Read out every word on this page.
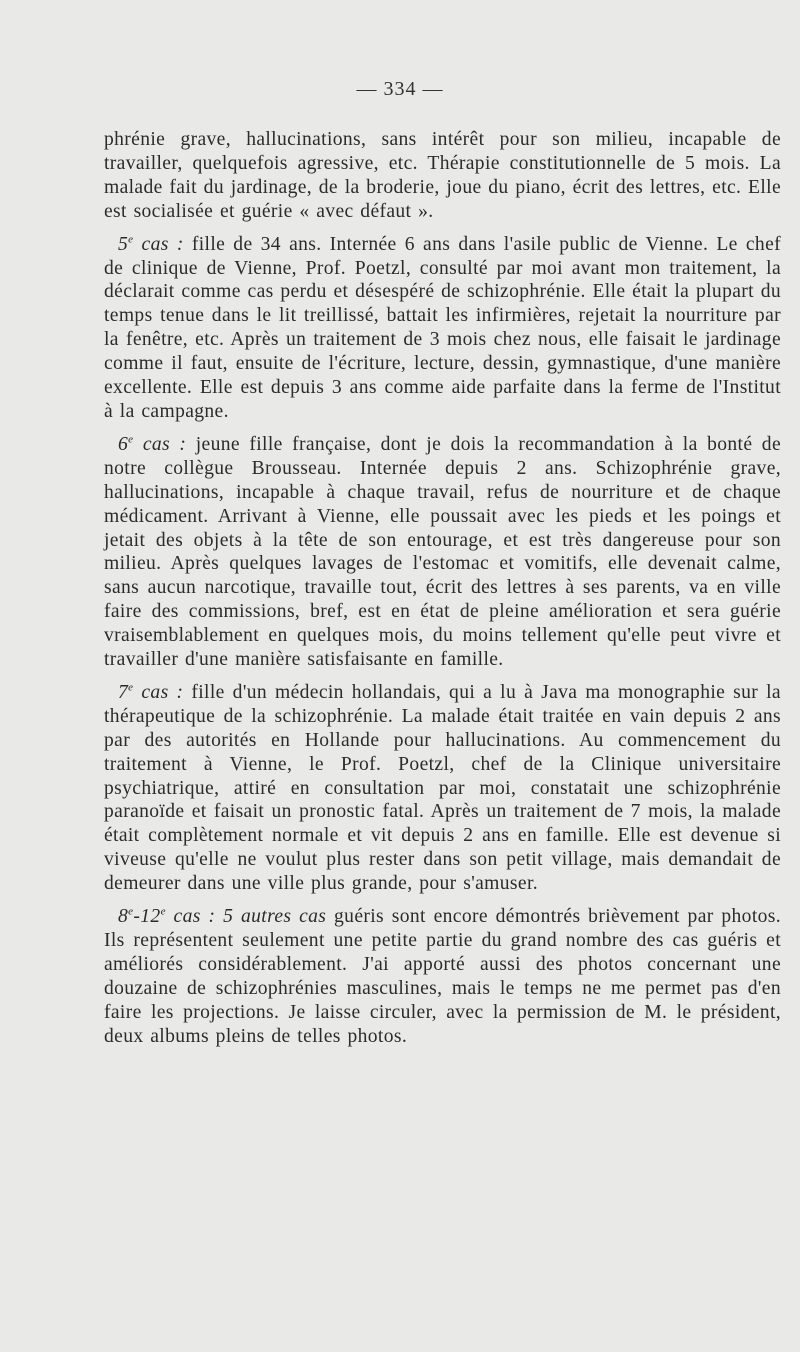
— 334 —

phrénie grave, hallucinations, sans intérêt pour son milieu, incapable de travailler, quelquefois agressive, etc. Thérapie constitutionnelle de 5 mois. La malade fait du jardinage, de la broderie, joue du piano, écrit des lettres, etc. Elle est socialisée et guérie « avec défaut ».

5e cas : fille de 34 ans. Internée 6 ans dans l'asile public de Vienne. Le chef de clinique de Vienne, Prof. Poetzl, consulté par moi avant mon traitement, la déclarait comme cas perdu et désespéré de schizophrénie. Elle était la plupart du temps tenue dans le lit treillissé, battait les infirmières, rejetait la nourriture par la fenêtre, etc. Après un traitement de 3 mois chez nous, elle faisait le jardinage comme il faut, ensuite de l'écriture, lecture, dessin, gymnastique, d'une manière excellente. Elle est depuis 3 ans comme aide parfaite dans la ferme de l'Institut à la campagne.

6e cas : jeune fille française, dont je dois la recommandation à la bonté de notre collègue Brousseau. Internée depuis 2 ans. Schizophrénie grave, hallucinations, incapable à chaque travail, refus de nourriture et de chaque médicament. Arrivant à Vienne, elle poussait avec les pieds et les poings et jetait des objets à la tête de son entourage, et est très dangereuse pour son milieu. Après quelques lavages de l'estomac et vomitifs, elle devenait calme, sans aucun narcotique, travaille tout, écrit des lettres à ses parents, va en ville faire des commissions, bref, est en état de pleine amélioration et sera guérie vraisemblablement en quelques mois, du moins tellement qu'elle peut vivre et travailler d'une manière satisfaisante en famille.

7e cas : fille d'un médecin hollandais, qui a lu à Java ma monographie sur la thérapeutique de la schizophrénie. La malade était traitée en vain depuis 2 ans par des autorités en Hollande pour hallucinations. Au commencement du traitement à Vienne, le Prof. Poetzl, chef de la Clinique universitaire psychiatrique, attiré en consultation par moi, constatait une schizophrénie paranoïde et faisait un pronostic fatal. Après un traitement de 7 mois, la malade était complètement normale et vit depuis 2 ans en famille. Elle est devenue si viveuse qu'elle ne voulut plus rester dans son petit village, mais demandait de demeurer dans une ville plus grande, pour s'amuser.

8e-12e cas : 5 autres cas guéris sont encore démontrés brièvement par photos. Ils représentent seulement une petite partie du grand nombre des cas guéris et améliorés considérablement. J'ai apporté aussi des photos concernant une douzaine de schizophrénies masculines, mais le temps ne me permet pas d'en faire les projections. Je laisse circuler, avec la permission de M. le président, deux albums pleins de telles photos.
